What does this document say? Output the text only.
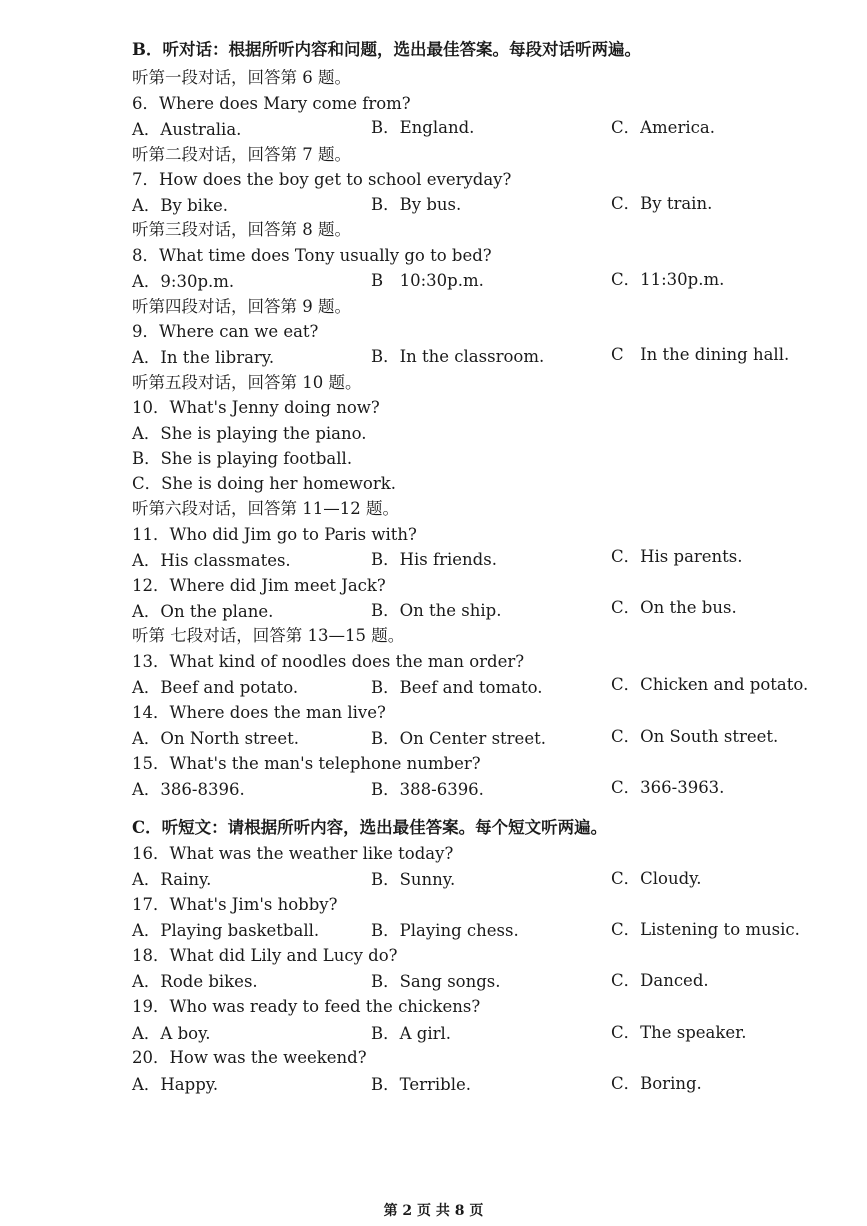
B．听对话：根据所听内容和问题，选出最佳答案。每段对话听两遍。
听第一段对话，回答第 6 题。
6．Where does Mary come from?
A．Australia.	B．England.	C．America.
听第二段对话，回答第 7 题。
7．How does the boy get to school everyday?
A．By bike.	B．By bus.	C．By train.
听第三段对话，回答第 8 题。
8．What time does Tony usually go to bed?
A．9:30p.m.	B　10:30p.m.	C．11:30p.m.
听第四段对话，回答第 9 题。
9．Where can we eat?
A．In the library.	B．In the classroom.	C　In the dining hall.
听第五段对话，回答第 10 题。
10．What's Jenny doing now?
A．She is playing the piano.
B．She is playing football.
C．She is doing her homework.
听第六段对话，回答第 11—12 题。
11．Who did Jim go to Paris with?
A．His classmates.	B．His friends.	C．His parents.
12．Where did Jim meet Jack?
A．On the plane.	B．On the ship.	C．On the bus.
听第 七段对话，回答第 13—15 题。
13．What kind of noodles does the man order?
A．Beef and potato.	B．Beef and tomato.	C．Chicken and potato.
14．Where does the man live?
A．On North street.	B．On Center street.	C．On South street.
15．What's the man's telephone number?
A．386-8396.	B．388-6396.	C．366-3963.
C．听短文：请根据所听内容，选出最佳答案。每个短文听两遍。
16．What was the weather like today?
A．Rainy.	B．Sunny.	C．Cloudy.
17．What's Jim's hobby?
A．Playing basketball.	B．Playing chess.	C．Listening to music.
18．What did Lily and Lucy do?
A．Rode bikes.	B．Sang songs.	C．Danced.
19．Who was ready to feed the chickens?
A．A boy.	B．A girl.	C．The speaker.
20．How was the weekend?
A．Happy.	B．Terrible.	C．Boring.
第 2 页 共 8 页
